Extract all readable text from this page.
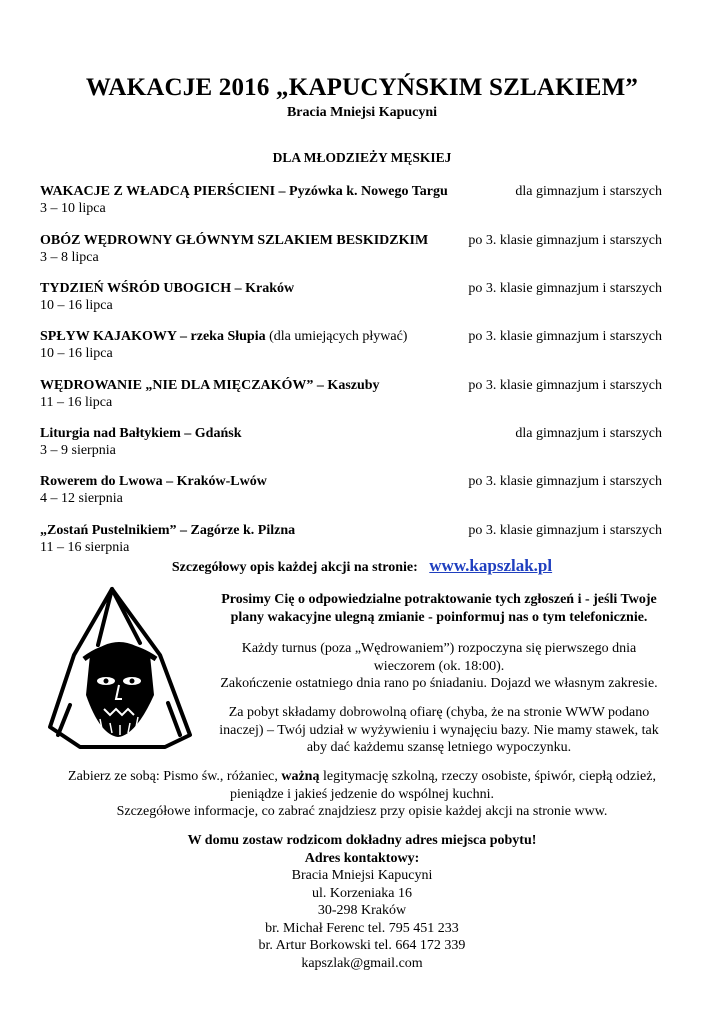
WAKACJE 2016 „KAPUCYŃSKIM SZLAKIEM”
Bracia Mniejsi Kapucyni
DLA MŁODZIEŻY MĘSKIEJ
WAKACJE Z WŁADCĄ PIERŚCIENI – Pyzówka k. Nowego Targu	dla gimnazjum i starszych
3 – 10 lipca
OBÓZ WĘDROWNY GŁÓWNYM SZLAKIEM BESKIDZKIM	po 3. klasie gimnazjum i starszych
3 – 8 lipca
TYDZIEŃ WŚRÓD UBOGICH – Kraków	po 3. klasie gimnazjum i starszych
10 – 16 lipca
SPŁYW KAJAKOWY – rzeka Słupia (dla umiejących pływać)	po 3. klasie gimnazjum i starszych
10 – 16 lipca
WĘDROWANIE „NIE DLA MIĘCZAKÓW” – Kaszuby	po 3. klasie gimnazjum i starszych
11 – 16 lipca
Liturgia nad Bałtykiem – Gdańsk	dla gimnazjum i starszych
3 – 9 sierpnia
Rowerem do Lwowa – Kraków-Lwów	po 3. klasie gimnazjum i starszych
4 – 12 sierpnia
„Zostań Pustelnikiem” – Zagórze k. Pilzna	po 3. klasie gimnazjum i starszych
11 – 16 sierpnia
Szczegółowy opis każdej akcji na stronie: www.kapszlak.pl
Prosimy Cię o odpowiedzialne potraktowanie tych zgłoszeń i - jeśli Twoje
plany wakacyjne ulegną zmianie - poinformuj nas o tym telefonicznie.
Każdy turnus (poza „Wędrowaniem”) rozpoczyna się pierwszego dnia
wieczorem (ok. 18:00).
Zakończenie ostatniego dnia rano po śniadaniu. Dojazd we własnym zakresie.
Za pobyt składamy dobrowolną ofiarę (chyba, że na stronie WWW podano
inaczej) – Twój udział w wyżywieniu i wynajęciu bazy. Nie mamy stawek, tak
aby dać każdemu szansę letniego wypoczynku.
Zabierz ze sobą: Pismo św., różaniec, ważną legitymację szkolną, rzeczy osobiste, śpiwór, ciepłą odzież,
pieniądze i jakieś jedzenie do wspólnej kuchni.
Szczegółowe informacje, co zabrać znajdziesz przy opisie każdej akcji na stronie www.
W domu zostaw rodzicom dokładny adres miejsca pobytu!
Adres kontaktowy:
Bracia Mniejsi Kapucyni
ul. Korzeniaka 16
30-298 Kraków
br. Michał Ferenc tel. 795 451 233
br. Artur Borkowski tel. 664 172 339
kapszlak@gmail.com
